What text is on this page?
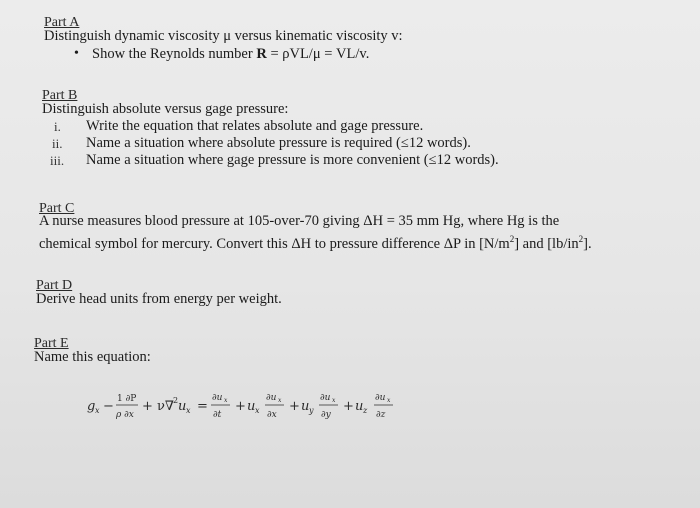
Part A
Distinguish dynamic viscosity μ versus kinematic viscosity v:
• Show the Reynolds number R = ρVL/μ = VL/v.
Part B
Distinguish absolute versus gage pressure:
i. Write the equation that relates absolute and gage pressure.
ii. Name a situation where absolute pressure is required (≤12 words).
iii. Name a situation where gage pressure is more convenient (≤12 words).
Part C
A nurse measures blood pressure at 105-over-70 giving ΔH = 35 mm Hg, where Hg is the
chemical symbol for mercury. Convert this ΔH to pressure difference ΔP in $[N/m^2]$ and $[lb/in^2]$.
Part D
Derive head units from energy per weight.
Part E
Name this equation:
g x − 1 ∂P
ρ ∂x
+ ν∇
2 u x =
∂u x
∂t
+ u x
∂u x
∂x
+ u y
∂u x
∂y
+ u z
∂u x
∂z
